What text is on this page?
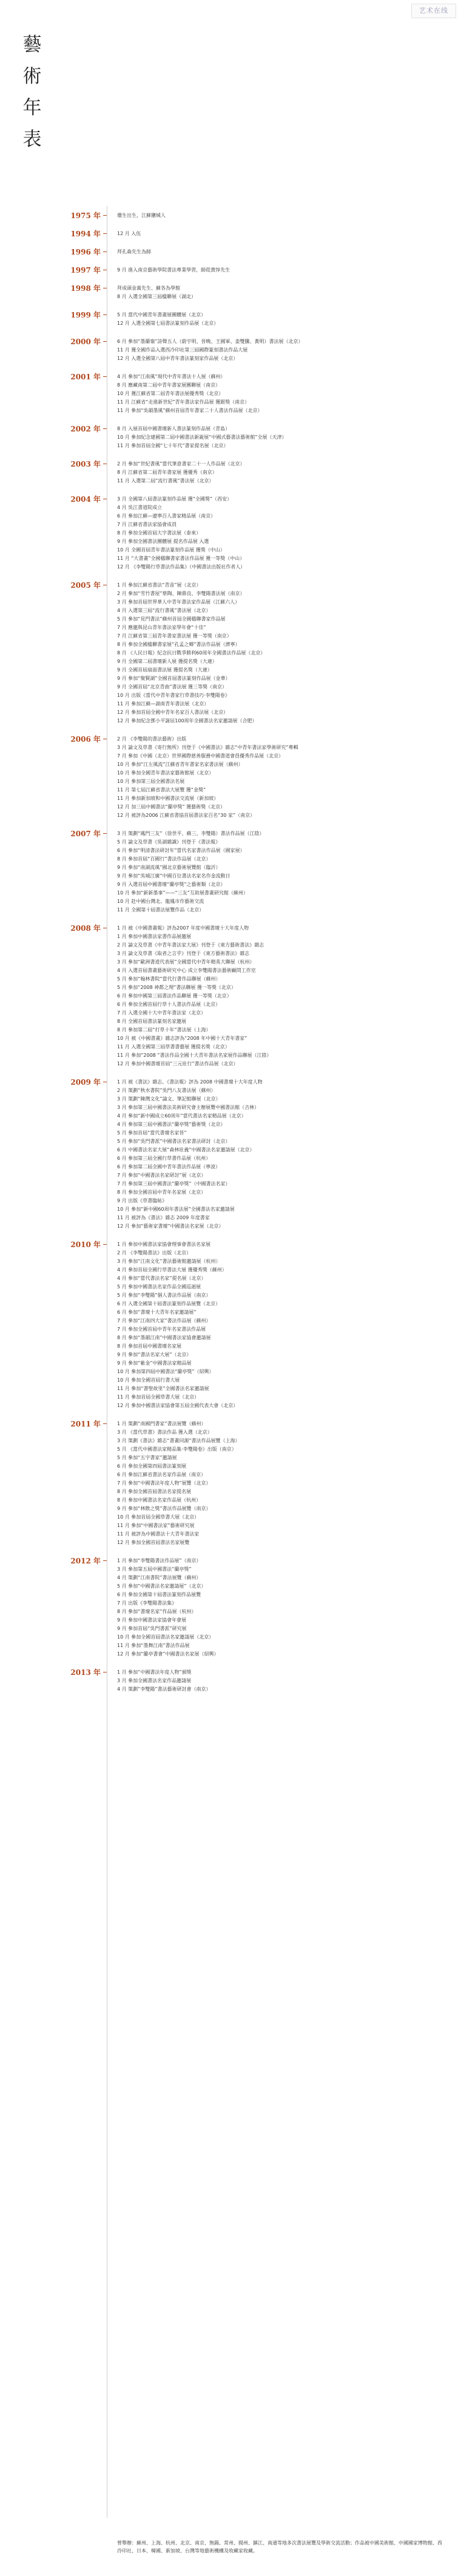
艺术在线
藝
術
年
表
1975 年	壜生出生，江蘇鹽城人
1994 年	12 月 入伍
1996 年	拜孔森先生為師
1997 年	9 月 進入南京藝術學院書法專業學習，師從黃惇先生
1998 年	拜成頭金萬先生、蘇各為學館
8 月 入選全國第三屆楹聯展（湖北）
1999 年	5 月 當代中國青年書畫展團體展（北京）
12 月 入選全國第七屆書法篆刻作品展（北京）
2000 年	6 月 參加“墨蘭嶺”詩聲五人（蔚宇明、晉晚、王國軍、姜雙騰、黃明）書法展（北京）
11 月 獲全國作品入選西冷印社第三屆國際篆刻書法作品大展
12 月 入選全國第八屆中青年書法篆刻家作品展（北京）
2001 年	4 月 參加“江南風”現代中青年書法十人展（蘇州）
8 月 應藏南第二屆中青年書家展團聯展（南京）
10 月 獲江蘇省第二屆青年書法展優秀獎（北京）
11 月 江蘇省“走進新世紀”青年書法家作品展 獲銀獎（南京）
11 月 參加“吳韻墨風”蘇州首屆青年書家二十人書法作品展（北京）
2002 年	8 月 入展首屆中國書壇新人書法篆刻作品展（青島）
10 月 參加紀念建國第二屆中國書法新銳展“中國式藝書法藝術館”全展（天津）
11 月 參加首屆全國“七十年代”書家提名展（北京）
2003 年	2 月 參加“世紀書風”當代筆意書家二十一人作品展（北京）
8 月 江蘇省第二屆青年書家展 獲優秀（南京）
11 月 入選第二屆“流行書風”書法展（北京）
2004 年	3 月 全國第八屆書法篆刻作品展 獲“全國獎”（西安）
4 月 吳江書道院成立
6 月 參加江蘇—遼寧百人書家精品展（南京）
7 月 江蘇省書法家協會成員
8 月 參加全國首屆大字書法展（泰來）
9 月 參加全國書法團體展 提名作品展 入選
10 月 全國首屆青年書法篆刻作品展 獲獎（中山）
11 月 “大書畫”全國楹聯書家書法作品展 獲一等獎（中山）
12 月 《李雙陽行草書法作品集》（中國書法出版社作者人）
2005 年	1 月 參加江蘇省書法“青苗”展（北京）
2 月 參加“雪竹書屋”蔡陶、陳鼎良、李雙陽書法展（南京）
3 月 參加首屆世界華人中青年書法家作品展（江蘇六人）
4 月 入選第三屆“流行書風”書法展（北京）
5 月 參加“見門書法”蘇州首屆全國楹聯書家作品展
7 月 應邀與昆山青年書法家學年會“十佳”
7 月 江蘇省第三屆青年書家書法展 獲一等獎（南京）
8 月 參加全國楹聯書家展“孔孟之鄉”書法作品展（濟寧）
8 月 《人民日報》紀念抗日戰爭勝利60周年全國書法作品展（北京）
9 月 全國第二屆書壇新人展 獲提名獎（大連）
9 月 全國首屆扇面書法展 獲提名獎（大連）
9 月 參加“聚賢湖”全國首屆書法篆刻作品展（金華）
9 月 全國首屆“北京青曲”書法展 獲三等獎（南京）
10 月 出版《當代中青年書家行草書技巧·李雙陽卷》
11 月 參加江蘇—湖南青年書法展（北京）
12 月 參加首屆全國中青年名家百人書法展（北京）
12 月 參加紀念鄧小平誕辰100周年全國書法名家邀請展（合肥）
2006 年	2 月 《李雙陽的書法藝術》出版
3 月 論文及草書《寄行無所》刊登于《中國書法》雜志“中青年書法家學術研究”專輯
7 月 參加《中國（北京）世界國際慈善服務中國書道會員優秀作品展（北京）
10 月 參加“江左風流”江蘇省青年書家名家書法展（蘇州）
10 月 參加全國青年書法家藝術館展（北京）
10 月 參加第三屆全國書法名展
11 月 第七屆江蘇省書法大展覽 獲“金獎”
11 月 參加新加坡和中國書法交流展（新加坡）
12 月 加三屆中國書法“蘭亭獎” 獲藝術獎（北京）
12 月 被評為2006 江蘇省書協首屆書法家百名“30 家”（南京）
2007 年	3 月 策劃“鳳門三友”（徐世平、蘇三、李雙陽）書法作品展（江陰）
5 月 論文及草書《吳湖雜識》刊登于《書法報》
6 月 參加“明清書法研討年”當代名家書法作品展（國家展）
8 月 參加首屆“百國行”書法作品展（北京）
9 月 參加“南湖流風”國北京藝術展覽館（臨沂）
9 月 參加“吳城江廣”中國百位書法名家名作金流動日
9 月 入選首屆中國書壇“蘭亭獎”之藝術類（北京）
10 月 參加“新新墨事”——“三友”互助展書畫研究館（蘇州）
10 月 赴中國台灣北、龍鳳市作藝術交流
11 月 全國第十屆書法展覽作品（北京）
2008 年	1 月 被《中國書畫報》評為2007 年度中國書壇十大年度人物
1 月 參加中國書法家書作品展邀展
2 月 論文及草書《中青年書法家大展》刊登于《東方藝術書法》雜志
3 月 論文及草書《取者之言乎》刊登于《東方藝術書法》雜志
3 月 參加“歐洲書道代表展”全國當代中青年精英大聯展（杭州）
4 月 入選首屆書畫藝術研究中心 成立李雙陽書法藝術顧問工作室
5 月 參加“翰林書院”當代行書作品聯展（蘇州）
5 月 參加“2008 神都之理”書法聯展 獲一等獎（北京）
6 月 參加中國第三屆書法作品聯展 獲一等獎（北京）
6 月 參加全國首屆行草十人書法作品展（北京）
7 月 入選全國十大中青年書法家（北京）
8 月 全國首屆書法篆刻名家邀展
8 月 參加第二屆“打草十年”書法展（上海）
10 月 被《中國書畫》雜志評為“2008 年中國十大青年書家”
11 月 入選全國第三屆草書書藝展 獲提名獎（北京）
11 月 參加“2008 ”書法作品全國十大青年書法名家展作品聯展（江陰）
12 月 參加中國書壇首屆“三元壯行”書法作品展（北京）
2009 年	1 月 被《書法》雜志、《書法報》評為 2008 中國書壇十大年度人物
2 月 策劃“秋水書院”吳門八友書法展（蘇州）
3 月 策劃“陳灣文化”論文、筆記館聯展（北京）
3 月 參加第三屆中國書法美術研究會主辦展覽中國書法館（吉林）
4 月 參加“新中國成立60周年”當代書法名家精品展（北京）
4 月 參加第三屆中國書法“蘭亭獎”藝術獎（北京）
5 月 參加首屆“當代書壇名家晉”
5 月 參加“吳門書派”中國書法名家書法研討（北京）
6 月 中國書法名家大展“森林壯義”中國書法名家邀請展（北京）
6 月 參加第三屆全國行草書作品展（杭州）
6 月 參加第二屆全國中青年書法作品展（寧波）
7 月 參加“中國書法名家研討”展（北京）
7 月 參加第三屆中國書法“蘭亭獎”（中國書法名家）
8 月 參加全國首屆中青年名家展（北京）
9 月 出版《草書臨帖》
10 月 參加“新中國60周年書法展”全國書法名家邀請展
11 月 被評為《書法》雜志 2009 年度書家
12 月 參加“藝術家書壇”中國書法名家展（北京）
2010 年	1 月 參加中國書法家協會理事會書法名家展
2 月 《李雙陽書法》出版（北京）
3 月 參加“江南文化”書法藝術館邀請展（杭州）
4 月 參加首屆全國行草書法大展 獲優秀獎（蘇州）
4 月 參加“當代書法名家”提名展（北京）
5 月 參加中國書法名家作品全國巡迴展
5 月 參加“李雙陽”個人書法作品展（南京）
6 月 入選全國第十屆書法篆刻作品展覽（北京）
6 月 參加“書壇十大青年名家邀請展”
7 月 參加“江南四大家”書法作品展（蘇州）
7 月 參加全國首屆中青年名家書法作品展
8 月 參加“墨韻江南”中國書法家協會邀請展
8 月 參加首屆中國書壇名家展
9 月 參加“書法名家大展”（北京）
9 月 參加“紫金”中國書法家精品展
10 月 參加第四屆中國書法“蘭亭獎”（紹興）
10 月 參加全國首屆行書大展
11 月 參加“書聖故里”全國書法名家邀請展
11 月 參加首屆全國草書大展（北京）
12 月 參加中國書法家協會第五屆全國代表大會（北京）
2011 年	1 月 策劃“南國門書家”書法展覽（蘇州）
3 月 《當代草書》書法作品 獲入選（北京）
3 月 策劃《書法》雜志“書畫同源”書法作品展覽（上海）
5 月 《當代中國書法家精品集·李雙陽卷》出版（南京）
5 月 參加“五字書家”邀請展
6 月 參加全國第四屆書法篆刻展
6 月 參加江蘇省書法名家作品展（南京）
7 月 參加“中國書法年度人物”展覽（北京）
8 月 參加全國首屆書法名家提名展
8 月 參加中國書法名家作品展（杭州）
9 月 參加“林散之獎”書法作品展覽（南京）
10 月 參加首屆全國草書大展（北京）
11 月 參加“中國書法家”藝術研究展
11 月 被評為中國書法十大青年書法家
12 月 參加全國首屆書法名家展覽
2012 年	1 月 參加“李雙陽書法作品展”（南京）
3 月 參加第五屆中國書法“蘭亭獎”
4 月 策劃“江南書院”書法展覽（蘇州）
5 月 參加“中國書法名家邀請展”（北京）
6 月 參加全國第十屆書法篆刻作品展覽
7 月 出版《李雙陽書法集》
8 月 參加“書壇名家”作品展（杭州）
9 月 參加中國書法家協會年會展
9 月 參加首屆“吳門書派”研究展
10 月 參加全國首屆書法名家邀請展（北京）
11 月 參加“墨舞江南”書法作品展
12 月 參加“蘭亭書會”中國書法名家展（紹興）
2013 年	1 月 參加“中國書法年度人物”頒獎
3 月 參加全國書法名家作品邀請展
4 月 策劃“李雙陽”書法藝術研討會（南京）
曾舉辦：蘇州、上海、杭州、北京、南京、無錫、常州、揚州、鎮江、南通等地多次書法展覽及學術交流活動；作品被中國美術館、中國國家博物館、西泠印社、日本、韓國、新加坡、台灣等地藝術機構及收藏家收藏。
